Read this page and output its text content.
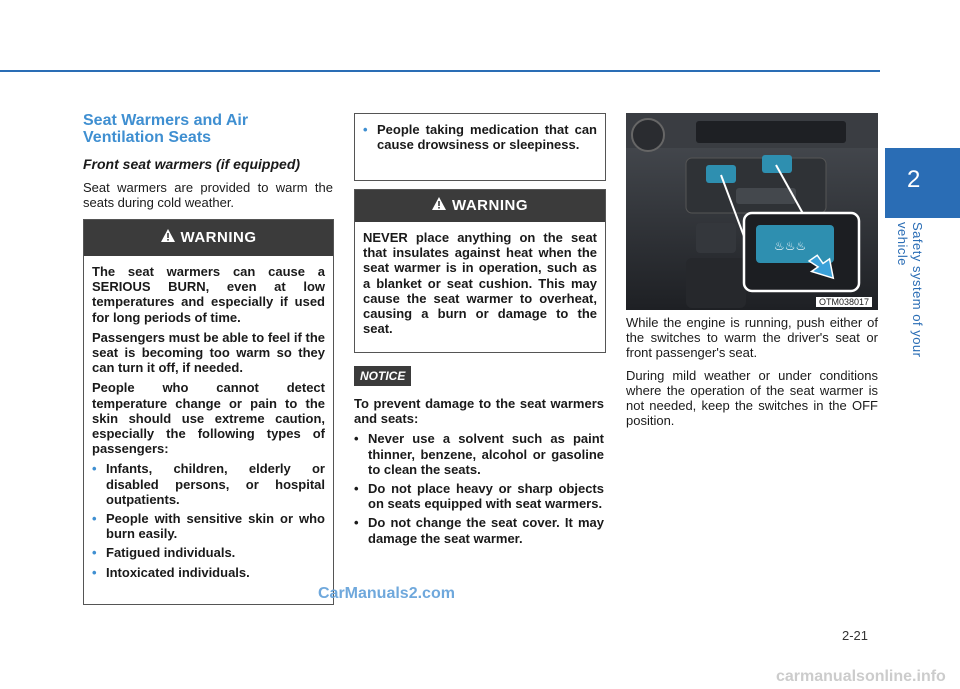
Seat Warmers and Air Ventilation Seats
Front seat warmers (if equipped)

Seat warmers are provided to warm the seats during cold weather.

WARNING

The seat warmers can cause a SERIOUS BURN, even at low temperatures and especially if used for long periods of time.

Passengers must be able to feel if the seat is becoming too warm so they can turn it off, if needed.

People who cannot detect temperature change or pain to the skin should use extreme caution, especially the following types of passengers:

• Infants, children, elderly or disabled persons, or hospital outpatients.
• People with sensitive skin or who burn easily.
• Fatigued individuals.
• Intoxicated individuals.
• People taking medication that can cause drowsiness or sleepiness.
WARNING

NEVER place anything on the seat that insulates against heat when the seat warmer is in operation, such as a blanket or seat cushion. This may cause the seat warmer to overheat, causing a burn or damage to the seat.

NOTICE

To prevent damage to the seat warmers and seats:

• Never use a solvent such as paint thinner, benzene, alcohol or gasoline to clean the seats.
• Do not place heavy or sharp objects on seats equipped with seat warmers.
• Do not change the seat cover. It may damage the seat warmer.
♨♨♨
OTM038017

While the engine is running, push either of the switches to warm the driver's seat or front passenger's seat.

During mild weather or under conditions where the operation of the seat warmer is not needed, keep the switches in the OFF position.

2
Safety system of your vehicle
2-21
CarManuals2.com
carmanualsonline.info
